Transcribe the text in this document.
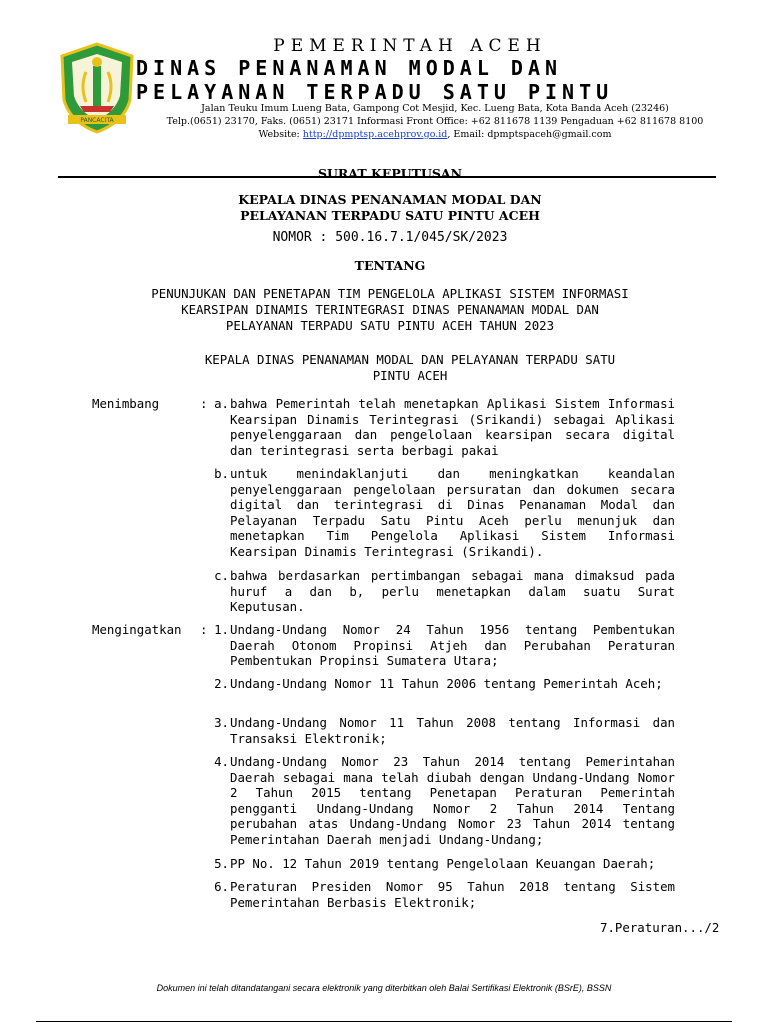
PANCACITA
PEMERINTAH ACEH
DINAS PENANAMAN MODAL DAN
PELAYANAN TERPADU SATU PINTU
Jalan Teuku Imum Lueng Bata, Gampong Cot Mesjid, Kec. Lueng Bata, Kota Banda Aceh (23246)
Telp.(0651) 23170, Faks. (0651) 23171 Informasi Front Office: +62 811678 1139 Pengaduan +62 811678 8100
Website: http://dpmptsp.acehprov.go.id, Email: dpmptspaceh@gmail.com
SURAT KEPUTUSAN
KEPALA DINAS PENANAMAN MODAL DAN
PELAYANAN TERPADU SATU PINTU ACEH
NOMOR : 500.16.7.1/045/SK/2023
TENTANG
PENUNJUKAN DAN PENETAPAN TIM PENGELOLA APLIKASI SISTEM INFORMASI
KEARSIPAN DINAMIS TERINTEGRASI DINAS PENANAMAN MODAL DAN
PELAYANAN TERPADU SATU PINTU ACEH TAHUN 2023
KEPALA DINAS PENANAMAN MODAL DAN PELAYANAN TERPADU SATU
PINTU ACEH
Menimbang	: a. bahwa Pemerintah telah menetapkan Aplikasi Sistem Informasi Kearsipan Dinamis Terintegrasi (Srikandi) sebagai Aplikasi penyelenggaraan dan pengelolaan kearsipan secara digital dan terintegrasi serta berbagi pakai
b. untuk menindaklanjuti dan meningkatkan keandalan penyelenggaraan pengelolaan persuratan dan dokumen secara digital dan terintegrasi di Dinas Penanaman Modal dan Pelayanan Terpadu Satu Pintu Aceh perlu menunjuk dan menetapkan Tim Pengelola Aplikasi Sistem Informasi Kearsipan Dinamis Terintegrasi (Srikandi).
c. bahwa berdasarkan pertimbangan sebagai mana dimaksud pada huruf a dan b, perlu menetapkan dalam suatu Surat Keputusan.
Mengingatkan : 1. Undang-Undang Nomor 24 Tahun 1956 tentang Pembentukan Daerah Otonom Propinsi Atjeh dan Perubahan Peraturan Pembentukan Propinsi Sumatera Utara;
2. Undang-Undang Nomor 11 Tahun 2006 tentang Pemerintah Aceh;
3. Undang-Undang Nomor 11 Tahun 2008 tentang Informasi dan Transaksi Elektronik;
4. Undang-Undang Nomor 23 Tahun 2014 tentang Pemerintahan Daerah sebagai mana telah diubah dengan Undang-Undang Nomor 2 Tahun 2015 tentang Penetapan Peraturan Pemerintah pengganti Undang-Undang Nomor 2 Tahun 2014 Tentang perubahan atas Undang-Undang Nomor 23 Tahun 2014 tentang Pemerintahan Daerah menjadi Undang-Undang;
5. PP No. 12 Tahun 2019 tentang Pengelolaan Keuangan Daerah;
6. Peraturan Presiden Nomor 95 Tahun 2018 tentang Sistem Pemerintahan Berbasis Elektronik;
7.Peraturan.../2
Dokumen ini telah ditandatangani secara elektronik yang diterbitkan oleh Balai Sertifikasi Elektronik (BSrE), BSSN
